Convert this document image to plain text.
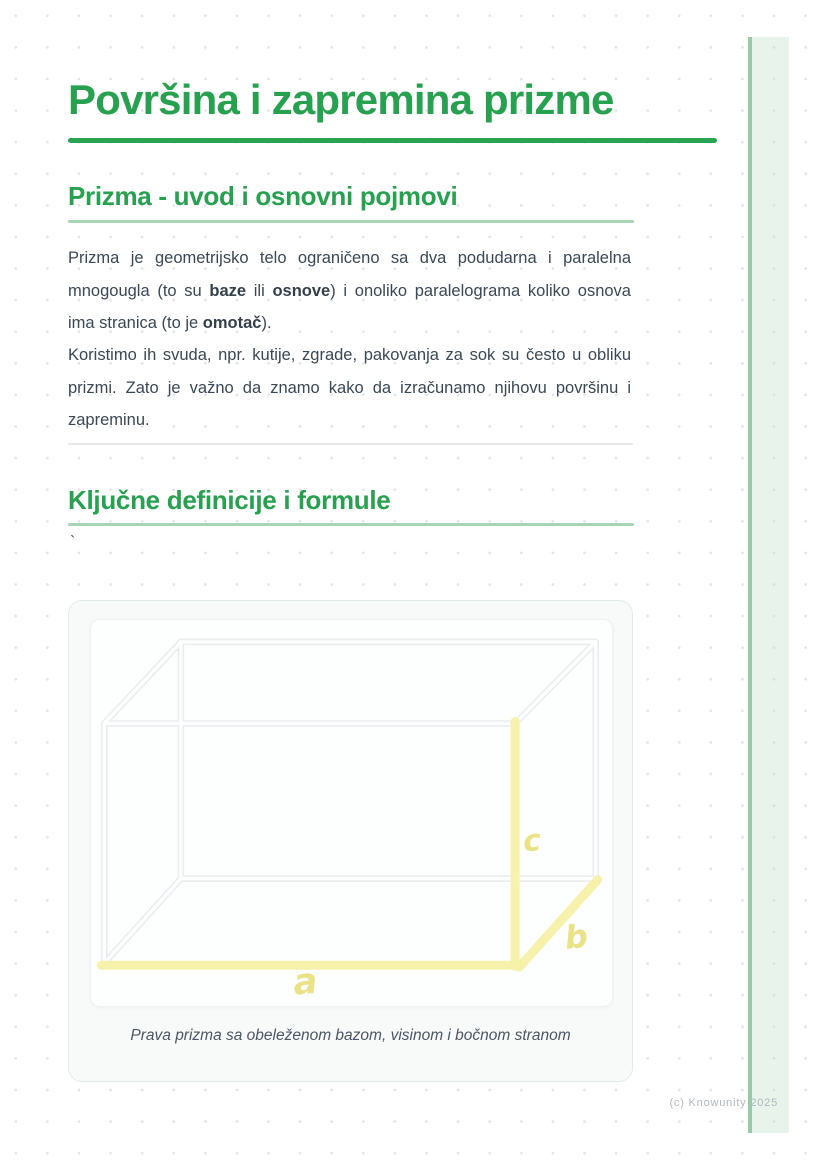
Površina i zapremina prizme
Prizma - uvod i osnovni pojmovi

Prizma je geometrijsko telo ograničeno sa dva podudarna i paralelna mnogougla (to su baze ili osnove) i onoliko paralelograma koliko osnova ima stranica (to je omotač).

Koristimo ih svuda, npr. kutije, zgrade, pakovanja za sok su često u obliku prizmi. Zato je važno da znamo kako da izračunamo njihovu površinu i zapreminu.

Ključne definicije i formule
`
a
b
c
Prava prizma sa obeleženom bazom, visinom i bočnom stranom
(c) Knowunity 2025
